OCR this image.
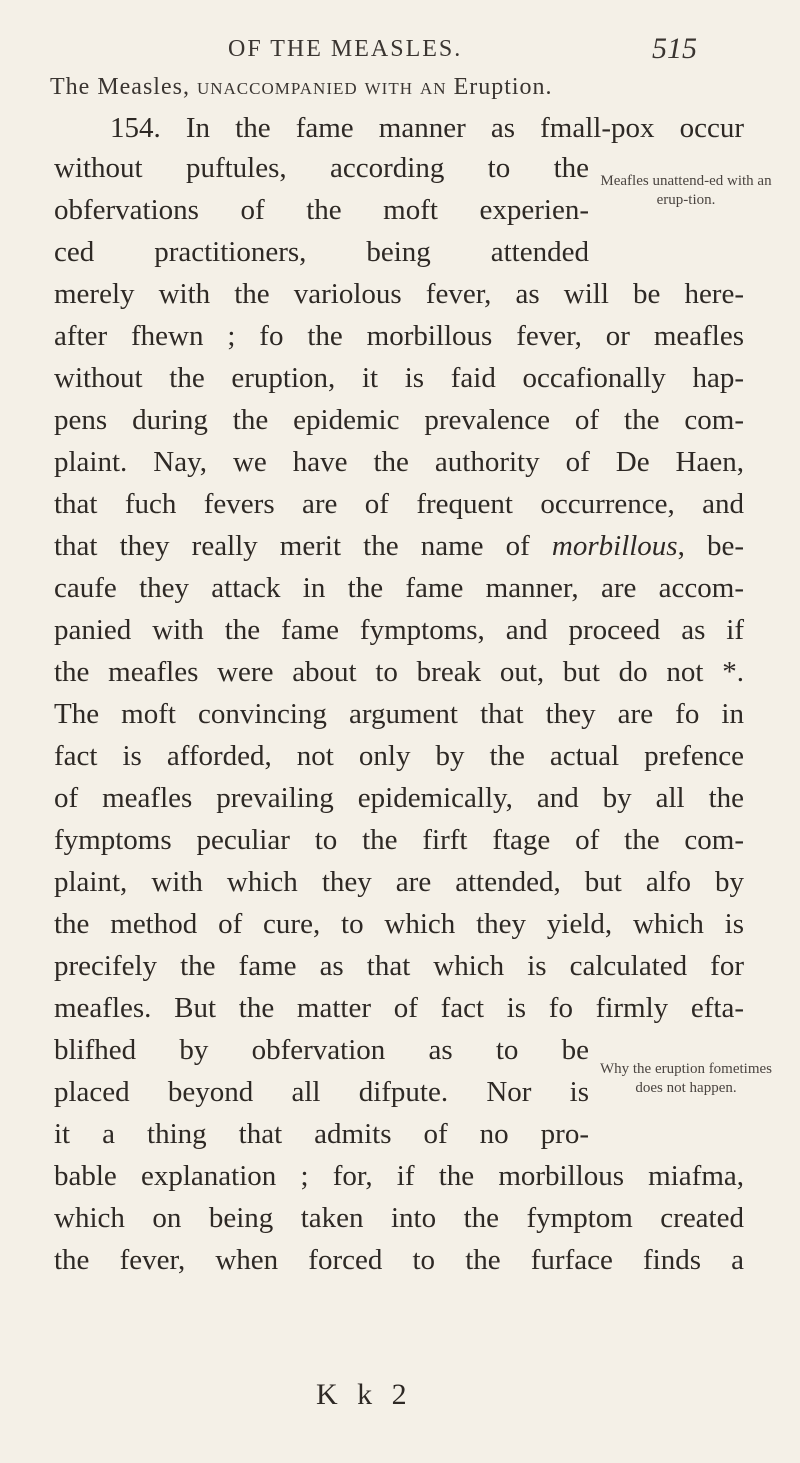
OF THE MEASLES.	515
The Measles, unaccompanied with an Eruption.
154. In the fame manner as fmall-pox occur
without puftules, according to the
obfervations of the moft experien-
ced practitioners, being attended
merely with the variolous fever, as will be here-
after fhewn ; fo the morbillous fever, or meafles
without the eruption, it is faid occafionally hap-
pens during the epidemic prevalence of the com-
plaint. Nay, we have the authority of De Haen,
that fuch fevers are of frequent occurrence, and
that they really merit the name of morbillous, be-
caufe they attack in the fame manner, are accom-
panied with the fame fymptoms, and proceed as if
the meafles were about to break out, but do not *.
The moft convincing argument that they are fo in
fact is afforded, not only by the actual prefence
of meafles prevailing epidemically, and by all the
fymptoms peculiar to the firft ftage of the com-
plaint, with which they are attended, but alfo by
the method of cure, to which they yield, which is
precifely the fame as that which is calculated for
meafles. But the matter of fact is fo firmly efta-
blifhed by obfervation as to be
placed beyond all difpute. Nor is
it a thing that admits of no pro-
bable explanation ; for, if the morbillous miafma,
which on being taken into the fymptom created
the fever, when forced to the furface finds a
Meafles unattend-ed with an erup-tion.
Why the eruption fometimes does not happen.
K k 2
